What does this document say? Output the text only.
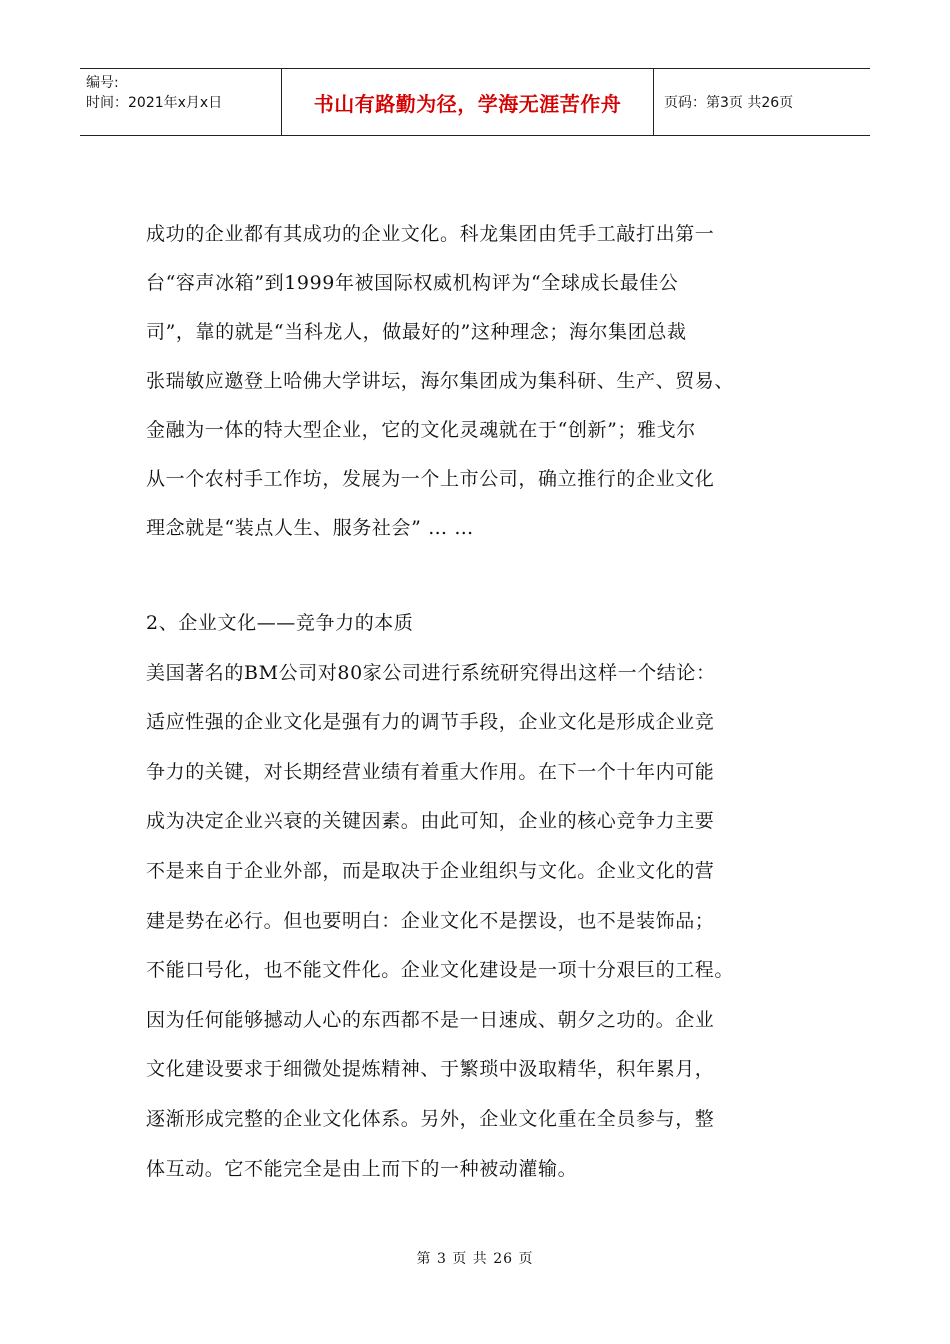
编号:
时间：2021年x月x日	书山有路勤为径，学海无涯苦作舟	页码：第3页 共26页

成功的企业都有其成功的企业文化。科龙集团由凭手工敲打出第一

台“容声冰箱”到1999年被国际权威机构评为“全球成长最佳公

司”，靠的就是“当科龙人，做最好的”这种理念；海尔集团总裁

张瑞敏应邀登上哈佛大学讲坛，海尔集团成为集科研、生产、贸易、

金融为一体的特大型企业，它的文化灵魂就在于“创新”；雅戈尔

从一个农村手工作坊，发展为一个上市公司，确立推行的企业文化

理念就是“装点人生、服务社会” … …

2、企业文化——竞争力的本质

美国著名的BM公司对80家公司进行系统研究得出这样一个结论：

适应性强的企业文化是强有力的调节手段，企业文化是形成企业竞

争力的关键，对长期经营业绩有着重大作用。在下一个十年内可能

成为决定企业兴衰的关键因素。由此可知，企业的核心竞争力主要

不是来自于企业外部，而是取决于企业组织与文化。企业文化的营

建是势在必行。但也要明白：企业文化不是摆设，也不是装饰品；

不能口号化，也不能文件化。企业文化建设是一项十分艰巨的工程。

因为任何能够撼动人心的东西都不是一日速成、朝夕之功的。企业

文化建设要求于细微处提炼精神、于繁琐中汲取精华，积年累月，

逐渐形成完整的企业文化体系。另外，企业文化重在全员参与，整

体互动。它不能完全是由上而下的一种被动灌输。

第 3 页 共 26 页
